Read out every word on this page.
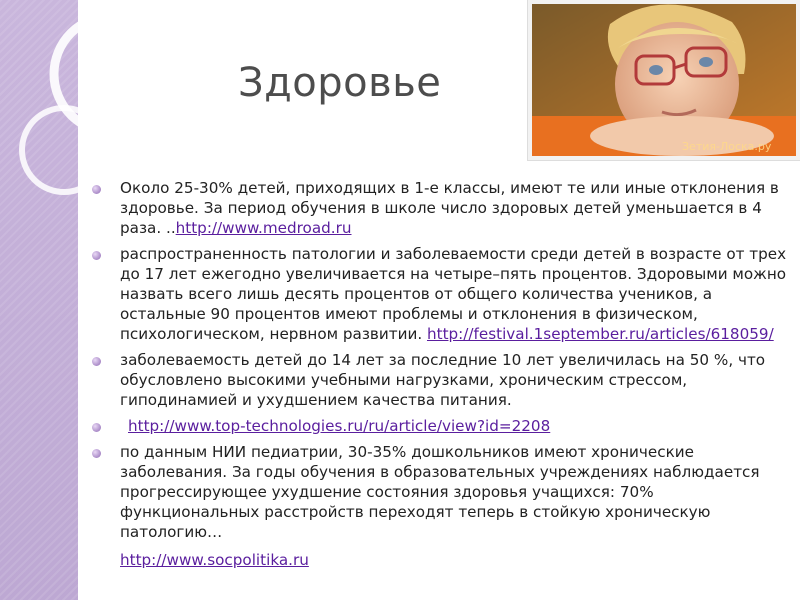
Зетия-Лоска.ру
Здоровье
Около 25-30% детей, приходящих в 1-е классы, имеют те или иные отклонения в здоровье. За период обучения в школе число здоровых детей уменьшается в 4 раза. ..http://www.medroad.ru
распространенность патологии и заболеваемости среди детей в возрасте от трех до 17 лет ежегодно увеличивается на четыре–пять процентов. Здоровыми можно назвать всего лишь десять процентов от общего количества учеников, а остальные 90 процентов имеют проблемы и отклонения в физическом, психологическом, нервном развитии. http://festival.1september.ru/articles/618059/
заболеваемость детей до 14 лет за последние 10 лет увеличилась на 50 %, что обусловлено высокими учебными нагрузками, хроническим стрессом, гиподинамией и ухудшением качества питания.
http://www.top-technologies.ru/ru/article/view?id=2208
по данным НИИ педиатрии, 30-35% дошкольников имеют хронические заболевания. За годы обучения в образовательных учреждениях наблюдается прогрессирующее ухудшение состояния здоровья учащихся: 70% функциональных расстройств переходят теперь в стойкую хроническую патологию…
http://www.socpolitika.ru
